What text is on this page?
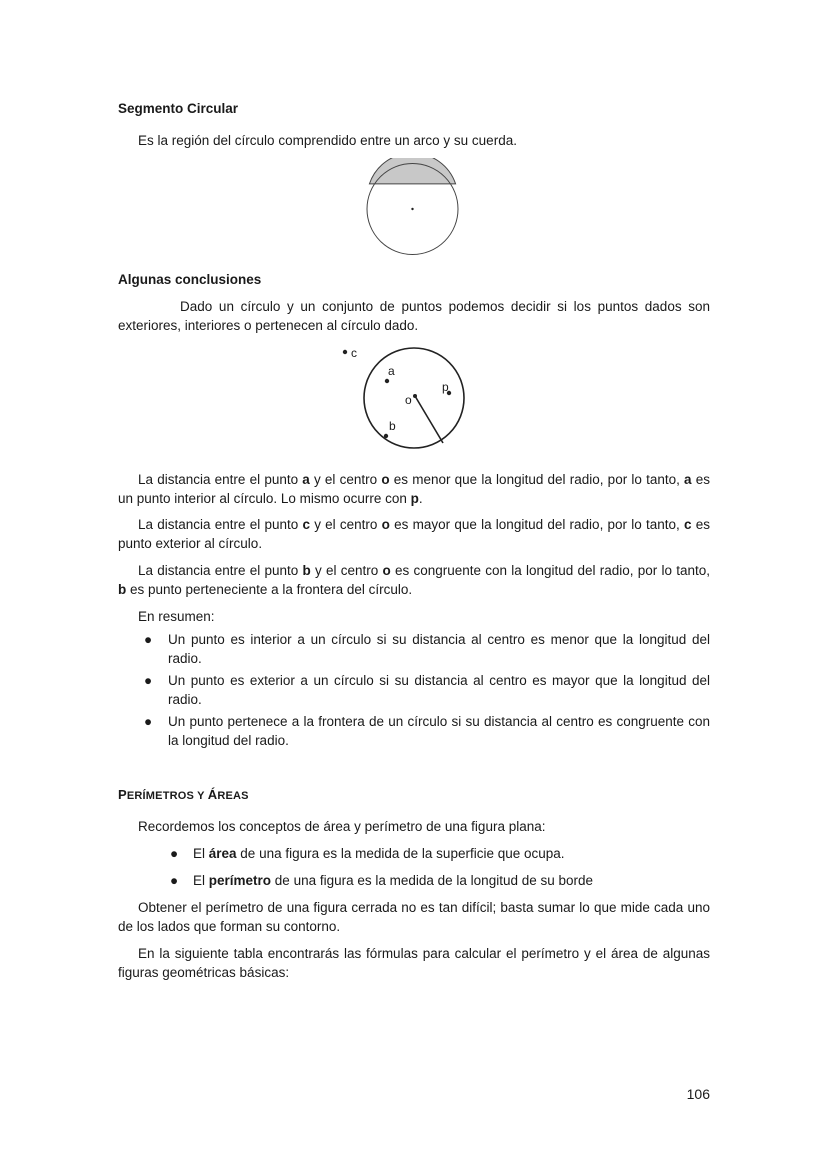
Segmento Circular
Es la región del círculo comprendido entre un arco y su cuerda.
Algunas conclusiones
Dado un círculo y un conjunto de puntos podemos decidir si los puntos dados son exteriores, interiores o pertenecen al círculo dado.
c
a
p
o
b
La distancia entre el punto a y el centro o es menor que la longitud del radio, por lo tanto, a es un punto interior al círculo. Lo mismo ocurre con p.
La distancia entre el punto c y el centro o es mayor que la longitud del radio, por lo tanto, c es punto exterior al círculo.
La distancia entre el punto b y el centro o es congruente con la longitud del radio, por lo tanto, b es punto perteneciente a la frontera del círculo.
En resumen:
● Un punto es interior a un círculo si su distancia al centro es menor que la longitud del radio.
● Un punto es exterior a un círculo si su distancia al centro es mayor que la longitud del radio.
● Un punto pertenece a la frontera de un círculo si su distancia al centro es congruente con la longitud del radio.
PERÍMETROS Y ÁREAS
Recordemos los conceptos de área y perímetro de una figura plana:
● El área de una figura es la medida de la superficie que ocupa.
● El perímetro de una figura es la medida de la longitud de su borde
Obtener el perímetro de una figura cerrada no es tan difícil; basta sumar lo que mide cada uno de los lados que forman su contorno.
En la siguiente tabla encontrarás las fórmulas para calcular el perímetro y el área de algunas figuras geométricas básicas:
106
